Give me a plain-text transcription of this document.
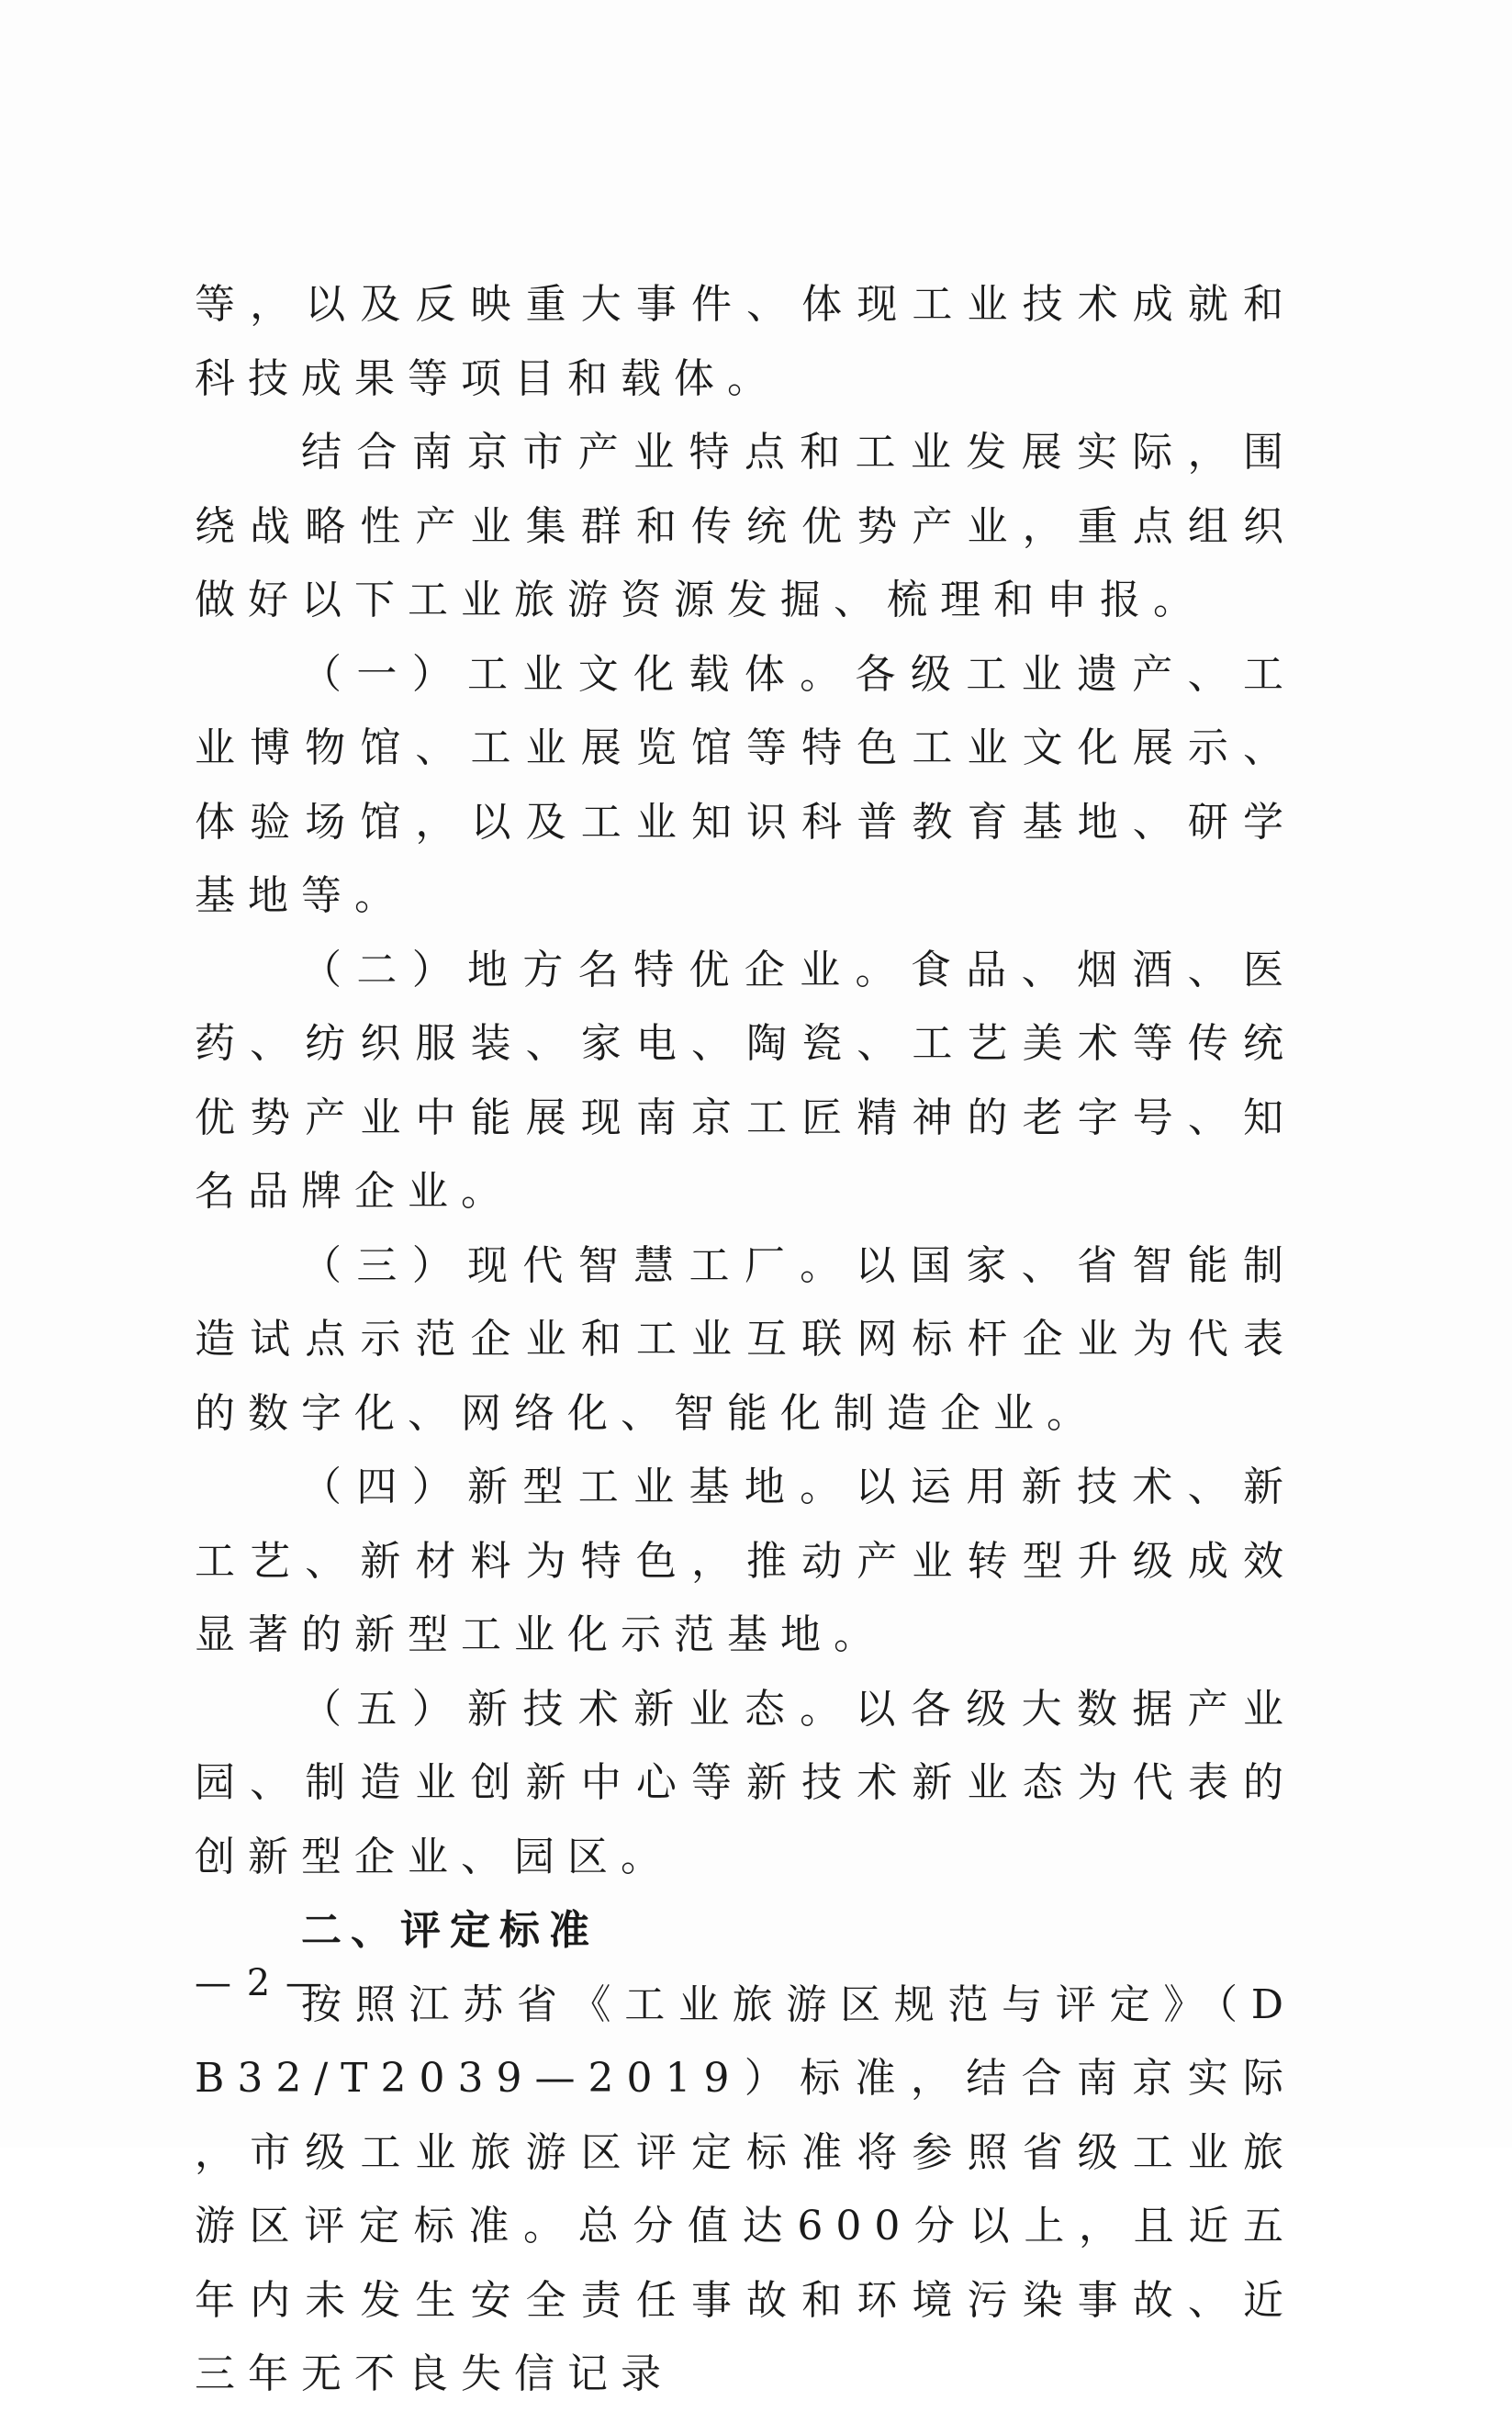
等，以及反映重大事件、体现工业技术成就和科技成果等项目和载体。

结合南京市产业特点和工业发展实际，围绕战略性产业集群和传统优势产业，重点组织做好以下工业旅游资源发掘、梳理和申报。

（一）工业文化载体。各级工业遗产、工业博物馆、工业展览馆等特色工业文化展示、体验场馆，以及工业知识科普教育基地、研学基地等。

（二）地方名特优企业。食品、烟酒、医药、纺织服装、家电、陶瓷、工艺美术等传统优势产业中能展现南京工匠精神的老字号、知名品牌企业。

（三）现代智慧工厂。以国家、省智能制造试点示范企业和工业互联网标杆企业为代表的数字化、网络化、智能化制造企业。

（四）新型工业基地。以运用新技术、新工艺、新材料为特色，推动产业转型升级成效显著的新型工业化示范基地。

（五）新技术新业态。以各级大数据产业园、制造业创新中心等新技术新业态为代表的创新型企业、园区。

二、评定标准

按照江苏省《工业旅游区规范与评定》（DB32/T2039—2019）标准，结合南京实际，市级工业旅游区评定标准将参照省级工业旅游区评定标准。总分值达600分以上，且近五年内未发生安全责任事故和环境污染事故、近三年无不良失信记录

— 2 —
